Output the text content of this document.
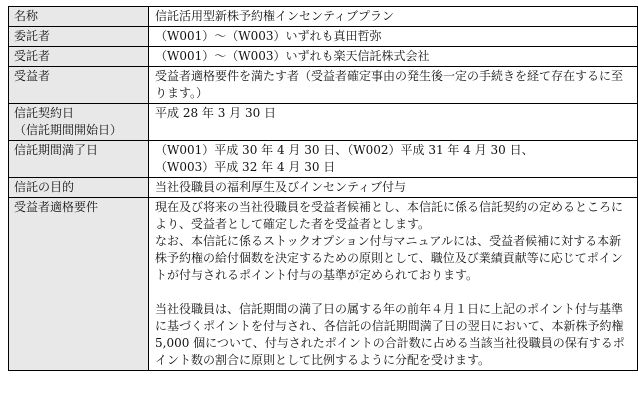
名称	信託活用型新株予約権インセンティブプラン

委託者	（W001）～（W003）いずれも真田哲弥

受託者	（W001）～（W003）いずれも楽天信託株式会社

受益者	受益者適格要件を満たす者（受益者確定事由の発生後一定の手続きを経て存在するに至ります。）

信託契約日
（信託期間開始日）	平成 28 年 3 月 30 日

信託期間満了日	（W001）平成 30 年 4 月 30 日、（W002）平成 31 年 4 月 30 日、
（W003）平成 32 年 4 月 30 日

信託の目的	当社役職員の福利厚生及びインセンティブ付与

受益者適格要件	現在及び将来の当社役職員を受益者候補とし、本信託に係る信託契約の定めるところにより、受益者として確定した者を受益者とします。
なお、本信託に係るストックオプション付与マニュアルには、受益者候補に対する本新株予約権の給付個数を決定するための原則として、職位及び業績貢献等に応じてポイントが付与されるポイント付与の基準が定められております。
当社役職員は、信託期間の満了日の属する年の前年４月１日に上記のポイント付与基準に基づくポイントを付与され、各信託の信託期間満了日の翌日において、本新株予約権 5,000 個について、付与されたポイントの合計数に占める当該当社役職員の保有するポイント数の割合に原則として比例するように分配を受けます。
